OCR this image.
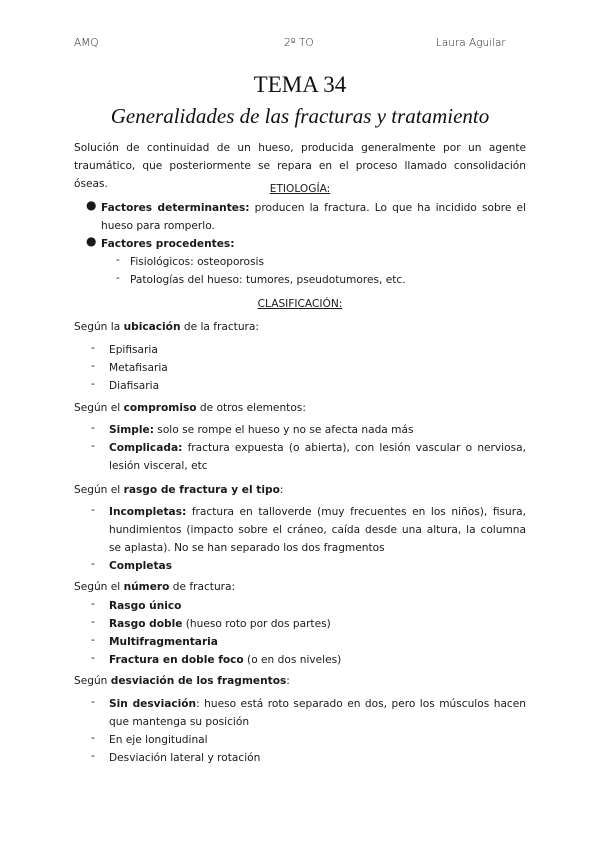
AMQ	2º TO	Laura Aguilar
TEMA 34
Generalidades de las fracturas y tratamiento
Solución de continuidad de un hueso, producida generalmente por un agente traumático, que posteriormente se repara en el proceso llamado consolidación óseas.	ETIOLOGÍA:
● Factores determinantes: producen la fractura. Lo que ha incidido sobre el hueso para romperlo.
● Factores procedentes:
- Fisiológicos: osteoporosis
- Patologías del hueso: tumores, pseudotumores, etc.
CLASIFICACIÓN:
Según la ubicación de la fractura:
- Epifisaria
- Metafisaria
- Diafisaria
Según el compromiso de otros elementos:
- Simple: solo se rompe el hueso y no se afecta nada más
- Complicada: fractura expuesta (o abierta), con lesión vascular o nerviosa, lesión visceral, etc
Según el rasgo de fractura y el tipo:
- Incompletas: fractura en talloverde (muy frecuentes en los niños), fisura, hundimientos (impacto sobre el cráneo, caída desde una altura, la columna se aplasta). No se han separado los dos fragmentos
- Completas
Según el número de fractura:
- Rasgo único
- Rasgo doble (hueso roto por dos partes)
- Multifragmentaria
- Fractura en doble foco (o en dos niveles)
Según desviación de los fragmentos:
- Sin desviación: hueso está roto separado en dos, pero los músculos hacen que mantenga su posición
- En eje longitudinal
- Desviación lateral y rotación
